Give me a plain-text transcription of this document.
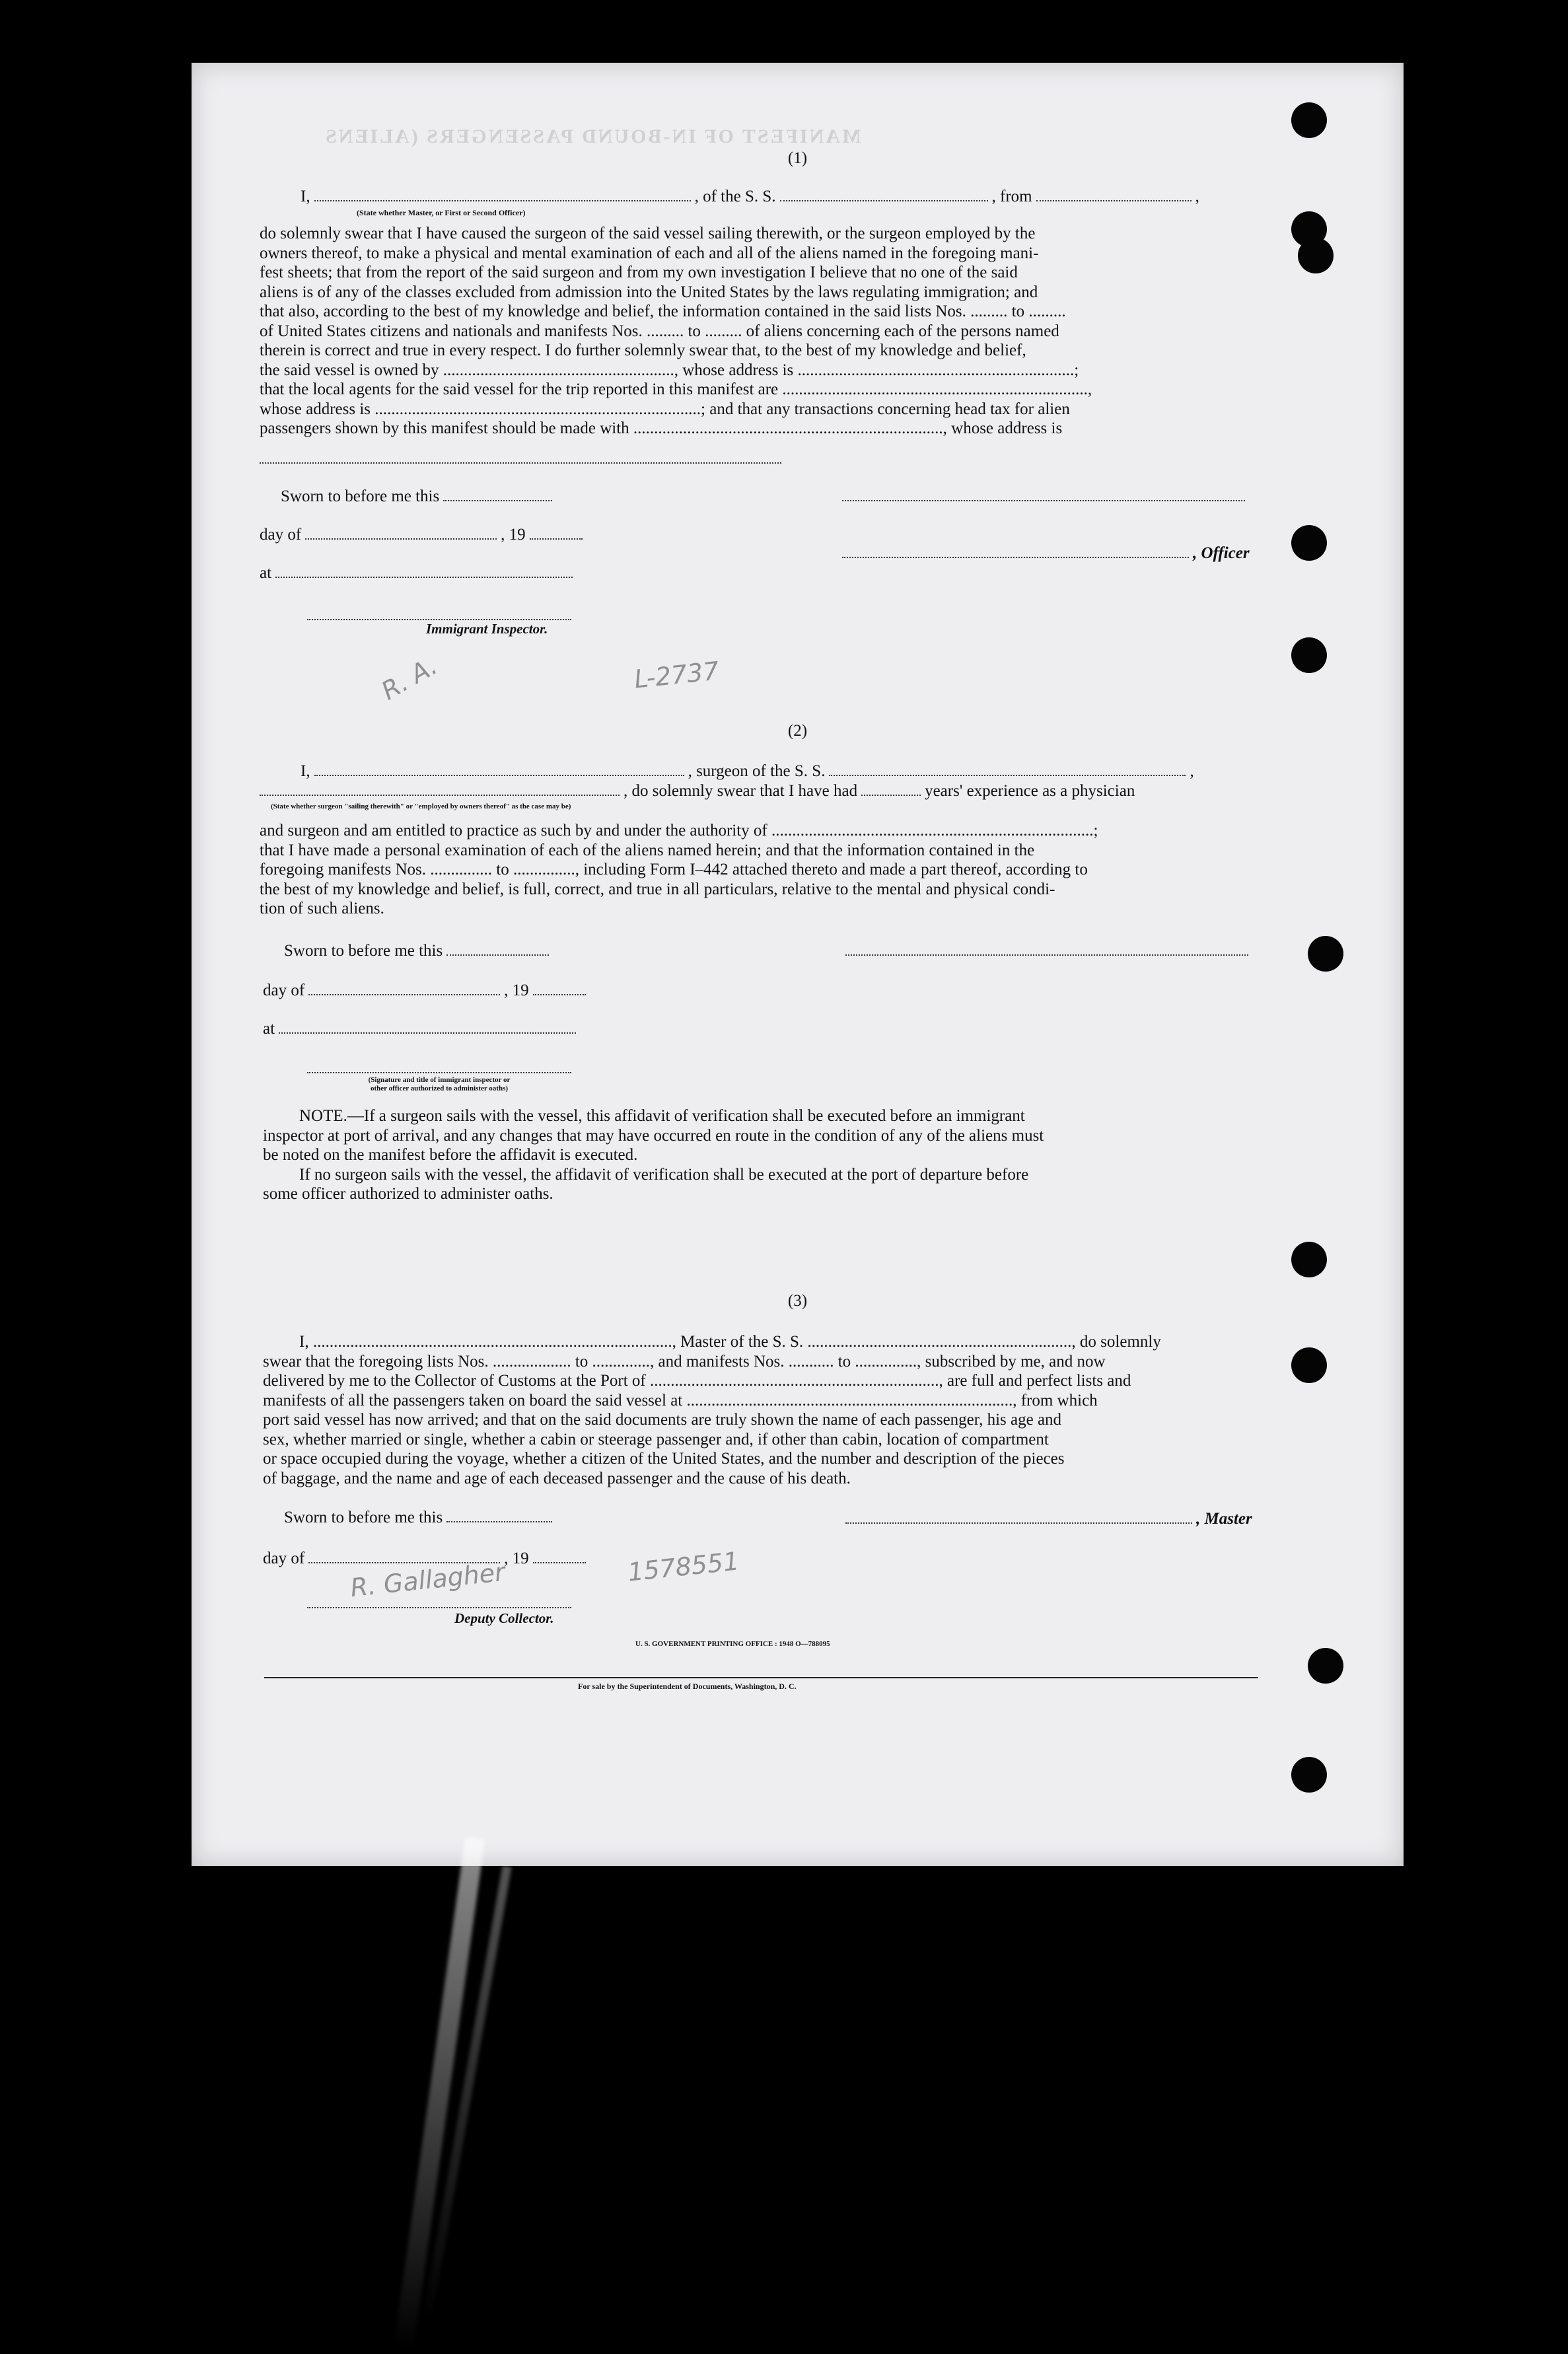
MANIFEST OF IN-BOUND PASSENGERS (ALIENS
(1)
I,	, of the S. S.	, from	,
(State whether Master, or First or Second Officer)

do solemnly swear that I have caused the surgeon of the said vessel sailing therewith, or the surgeon employed by the

owners thereof, to make a physical and mental examination of each and all of the aliens named in the foregoing mani-

fest sheets; that from the report of the said surgeon and from my own investigation I believe that no one of the said

aliens is of any of the classes excluded from admission into the United States by the laws regulating immigration; and

that also, according to the best of my knowledge and belief, the information contained in the said lists Nos. ......... to .........

of United States citizens and nationals and manifests Nos. ......... to ......... of aliens concerning each of the persons named

therein is correct and true in every respect. I do further solemnly swear that, to the best of my knowledge and belief,

the said vessel is owned by ........................................................, whose address is ...................................................................;

that the local agents for the said vessel for the trip reported in this manifest are ..........................................................................,

whose address is ...............................................................................; and that any transactions concerning head tax for alien

passengers shown by this manifest should be made with ..........................................................................., whose address is

Sworn to before me this
day of	, 19
, Officer
at
Immigrant Inspector.
L-2737
R. A.
(2)
I,	, surgeon of the S. S.	,
, do solemnly swear that I have had	years' experience as a physician
(State whether surgeon "sailing therewith" or "employed by owners thereof" as the case may be)

and surgeon and am entitled to practice as such by and under the authority of ..............................................................................;

that I have made a personal examination of each of the aliens named herein; and that the information contained in the

foregoing manifests Nos. ............... to ..............., including Form I–442 attached thereto and made a part thereof, according to

the best of my knowledge and belief, is full, correct, and true in all particulars, relative to the mental and physical condi-

tion of such aliens.

Sworn to before me this
day of	, 19
at
(Signature and title of immigrant inspector or
other officer authorized to administer oaths)

NOTE.—If a surgeon sails with the vessel, this affidavit of verification shall be executed before an immigrant

inspector at port of arrival, and any changes that may have occurred en route in the condition of any of the aliens must

be noted on the manifest before the affidavit is executed.

If no surgeon sails with the vessel, the affidavit of verification shall be executed at the port of departure before

some officer authorized to administer oaths.

(3)

I, ......................................................................................., Master of the S. S. ................................................................, do solemnly

swear that the foregoing lists Nos. ................... to .............., and manifests Nos. ........... to ..............., subscribed by me, and now

delivered by me to the Collector of Customs at the Port of ......................................................................, are full and perfect lists and

manifests of all the passengers taken on board the said vessel at ..............................................................................., from which

port said vessel has now arrived; and that on the said documents are truly shown the name of each passenger, his age and

sex, whether married or single, whether a cabin or steerage passenger and, if other than cabin, location of compartment

or space occupied during the voyage, whether a citizen of the United States, and the number and description of the pieces

of baggage, and the name and age of each deceased passenger and the cause of his death.

Sworn to before me this	, Master
day of	, 19
R. Gallagher	1578551
Deputy Collector.
U. S. GOVERNMENT PRINTING OFFICE : 1948 O—788095
For sale by the Superintendent of Documents, Washington, D. C.
